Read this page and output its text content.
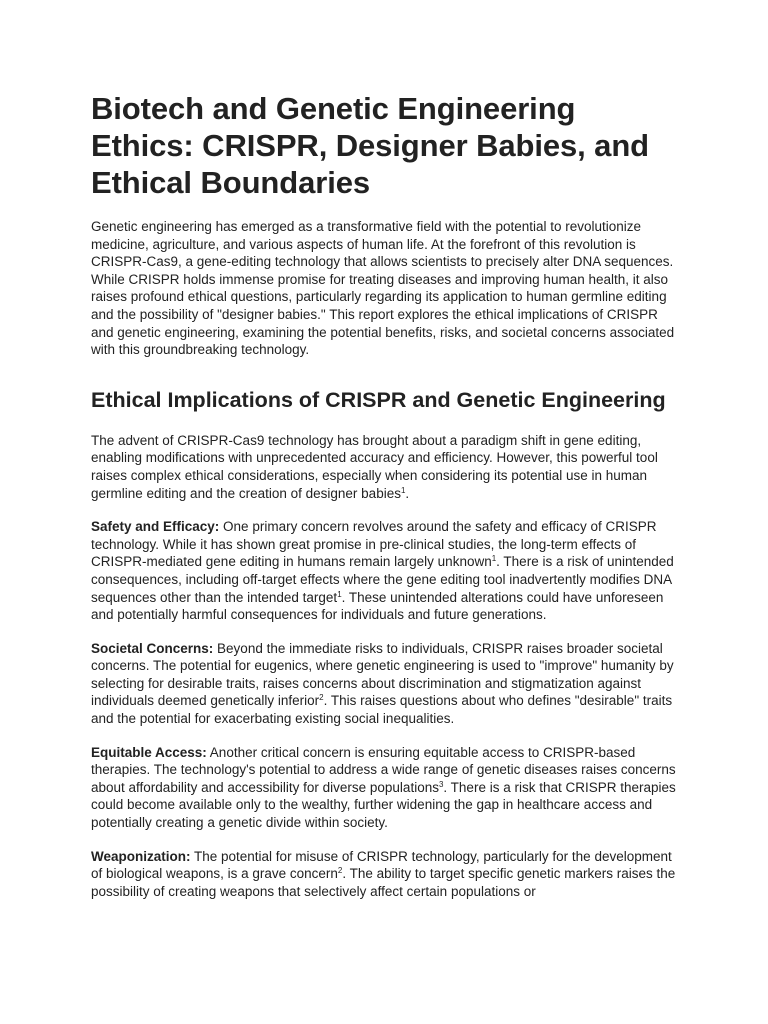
Biotech and Genetic Engineering Ethics: CRISPR, Designer Babies, and Ethical Boundaries

Genetic engineering has emerged as a transformative field with the potential to revolutionize medicine, agriculture, and various aspects of human life. At the forefront of this revolution is CRISPR-Cas9, a gene-editing technology that allows scientists to precisely alter DNA sequences. While CRISPR holds immense promise for treating diseases and improving human health, it also raises profound ethical questions, particularly regarding its application to human germline editing and the possibility of "designer babies." This report explores the ethical implications of CRISPR and genetic engineering, examining the potential benefits, risks, and societal concerns associated with this groundbreaking technology.

Ethical Implications of CRISPR and Genetic Engineering

The advent of CRISPR-Cas9 technology has brought about a paradigm shift in gene editing, enabling modifications with unprecedented accuracy and efficiency. However, this powerful tool raises complex ethical considerations, especially when considering its potential use in human germline editing and the creation of designer babies$^1$.

Safety and Efficacy: One primary concern revolves around the safety and efficacy of CRISPR technology. While it has shown great promise in pre-clinical studies, the long-term effects of CRISPR-mediated gene editing in humans remain largely unknown$^1$. There is a risk of unintended consequences, including off-target effects where the gene editing tool inadvertently modifies DNA sequences other than the intended target$^1$. These unintended alterations could have unforeseen and potentially harmful consequences for individuals and future generations.

Societal Concerns: Beyond the immediate risks to individuals, CRISPR raises broader societal concerns. The potential for eugenics, where genetic engineering is used to "improve" humanity by selecting for desirable traits, raises concerns about discrimination and stigmatization against individuals deemed genetically inferior$^2$. This raises questions about who defines "desirable" traits and the potential for exacerbating existing social inequalities.

Equitable Access: Another critical concern is ensuring equitable access to CRISPR-based therapies. The technology's potential to address a wide range of genetic diseases raises concerns about affordability and accessibility for diverse populations$^3$. There is a risk that CRISPR therapies could become available only to the wealthy, further widening the gap in healthcare access and potentially creating a genetic divide within society.

Weaponization: The potential for misuse of CRISPR technology, particularly for the development of biological weapons, is a grave concern$^2$. The ability to target specific genetic markers raises the possibility of creating weapons that selectively affect certain populations or
